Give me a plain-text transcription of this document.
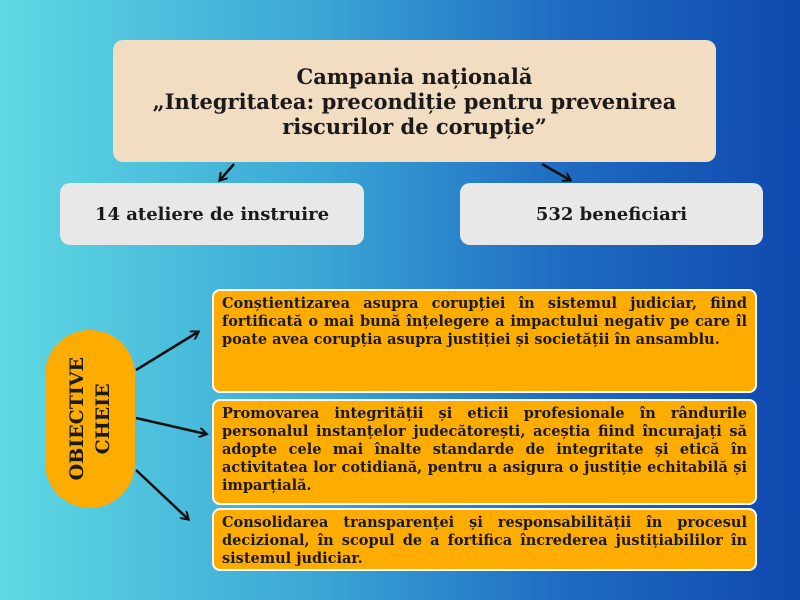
Campania națională
„Integritatea: precondiție pentru prevenirea
riscurilor de corupție”
14 ateliere de instruire	532 beneficiari
OBIECTIVE CHEIE
Conștientizarea asupra corupției în sistemul judiciar, fiind fortificată o mai bună înțelegere a impactului negativ pe care îl poate avea corupția asupra justiției și societății în ansamblu.
Promovarea integrității și eticii profesionale în rândurile personalul instanțelor judecătorești, aceștia fiind încurajați să adopte cele mai înalte standarde de integritate și etică în activitatea lor cotidiană, pentru a asigura o justiție echitabilă și imparțială.
Consolidarea transparenței și responsabilității în procesul decizional, în scopul de a fortifica încrederea justițiabililor în sistemul judiciar.
